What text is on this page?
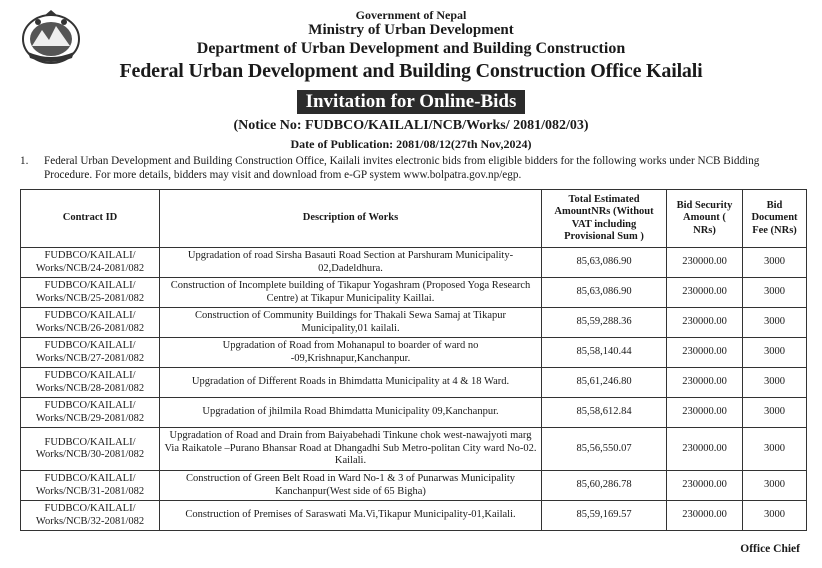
Government of Nepal
Ministry of Urban Development
Department of Urban Development and Building Construction
Federal Urban Development and Building Construction Office Kailali
Invitation for Online-Bids
(Notice No: FUDBCO/KAILALI/NCB/Works/ 2081/082/03)
Date of Publication: 2081/08/12(27th Nov,2024)
1. Federal Urban Development and Building Construction Office, Kailali invites electronic bids from eligible bidders for the following works under NCB Bidding Procedure. For more details, bidders may visit and download from e-GP system www.bolpatra.gov.np/egp.
Contract ID	Description of Works	Total Estimated AmountNRs (Without VAT including Provisional Sum )	Bid Security Amount ( NRs)	Bid Document Fee (NRs)
FUDBCO/KAILALI/ Works/NCB/24-2081/082	Upgradation of road Sirsha Basauti Road Section at Parshuram Municipality-02,Dadeldhura.	85,63,086.90	230000.00	3000
FUDBCO/KAILALI/ Works/NCB/25-2081/082	Construction of Incomplete building of Tikapur Yogashram (Proposed Yoga Research Centre) at Tikapur Municipality Kaillai.	85,63,086.90	230000.00	3000
FUDBCO/KAILALI/ Works/NCB/26-2081/082	Construction of Community Buildings for Thakali Sewa Samaj at Tikapur Municipality,01 kailali.	85,59,288.36	230000.00	3000
FUDBCO/KAILALI/ Works/NCB/27-2081/082	Upgradation of Road from Mohanapul to boarder of ward no -09,Krishnapur,Kanchanpur.	85,58,140.44	230000.00	3000
FUDBCO/KAILALI/ Works/NCB/28-2081/082	Upgradation of Different Roads in Bhimdatta Municipality at 4 & 18 Ward.	85,61,246.80	230000.00	3000
FUDBCO/KAILALI/ Works/NCB/29-2081/082	Upgradation of jhilmila Road Bhimdatta Municipality 09,Kanchanpur.	85,58,612.84	230000.00	3000
FUDBCO/KAILALI/ Works/NCB/30-2081/082	Upgradation of Road and Drain from Baiyabehadi Tinkune chok west-nawajyoti marg Via Raikatole –Purano Bhansar Road at Dhangadhi Sub Metro-politan City ward No-02. Kailali.	85,56,550.07	230000.00	3000
FUDBCO/KAILALI/ Works/NCB/31-2081/082	Construction of Green Belt Road in Ward No-1 & 3 of Punarwas Municipality Kanchanpur(West side of 65 Bigha)	85,60,286.78	230000.00	3000
FUDBCO/KAILALI/ Works/NCB/32-2081/082	Construction of Premises of Saraswati Ma.Vi,Tikapur Municipality-01,Kailali.	85,59,169.57	230000.00	3000
Office Chief
